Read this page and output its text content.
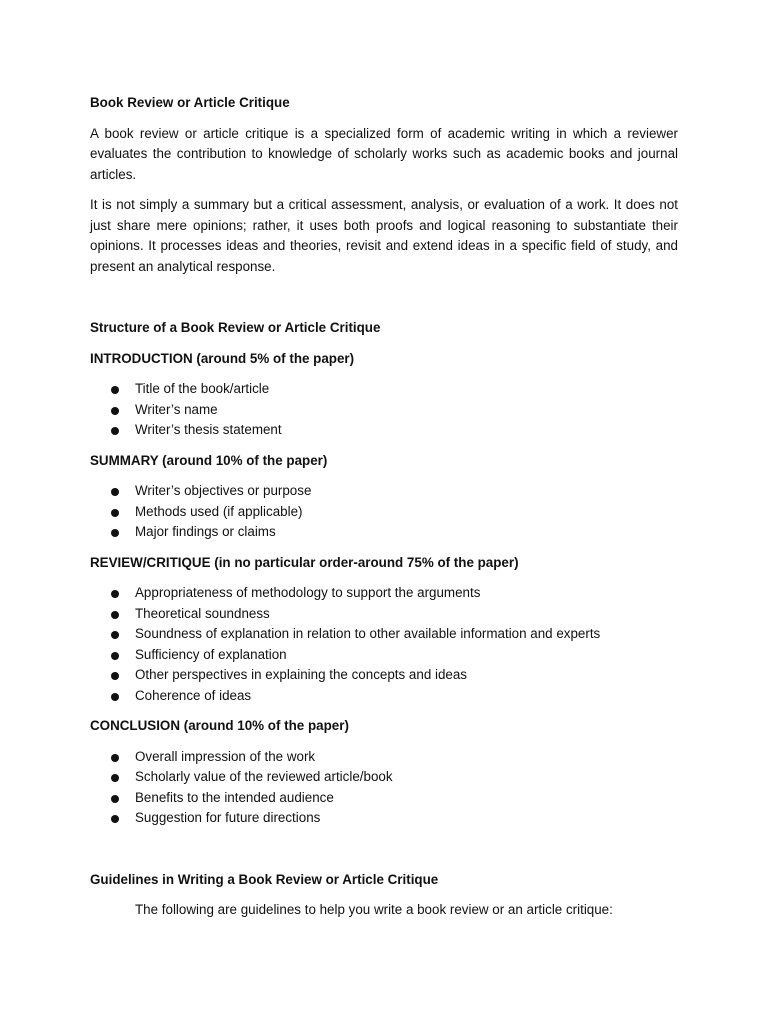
Book Review or Article Critique

A book review or article critique is a specialized form of academic writing in which a reviewer evaluates the contribution to knowledge of scholarly works such as academic books and journal articles.

It is not simply a summary but a critical assessment, analysis, or evaluation of a work. It does not just share mere opinions; rather, it uses both proofs and logical reasoning to substantiate their opinions. It processes ideas and theories, revisit and extend ideas in a specific field of study, and present an analytical response.

Structure of a Book Review or Article Critique

INTRODUCTION (around 5% of the paper)

Title of the book/article
Writer’s name
Writer’s thesis statement

SUMMARY (around 10% of the paper)

Writer’s objectives or purpose
Methods used (if applicable)
Major findings or claims

REVIEW/CRITIQUE (in no particular order-around 75% of the paper)

Appropriateness of methodology to support the arguments
Theoretical soundness
Soundness of explanation in relation to other available information and experts
Sufficiency of explanation
Other perspectives in explaining the concepts and ideas
Coherence of ideas

CONCLUSION (around 10% of the paper)

Overall impression of the work
Scholarly value of the reviewed article/book
Benefits to the intended audience
Suggestion for future directions

Guidelines in Writing a Book Review or Article Critique

The following are guidelines to help you write a book review or an article critique:
